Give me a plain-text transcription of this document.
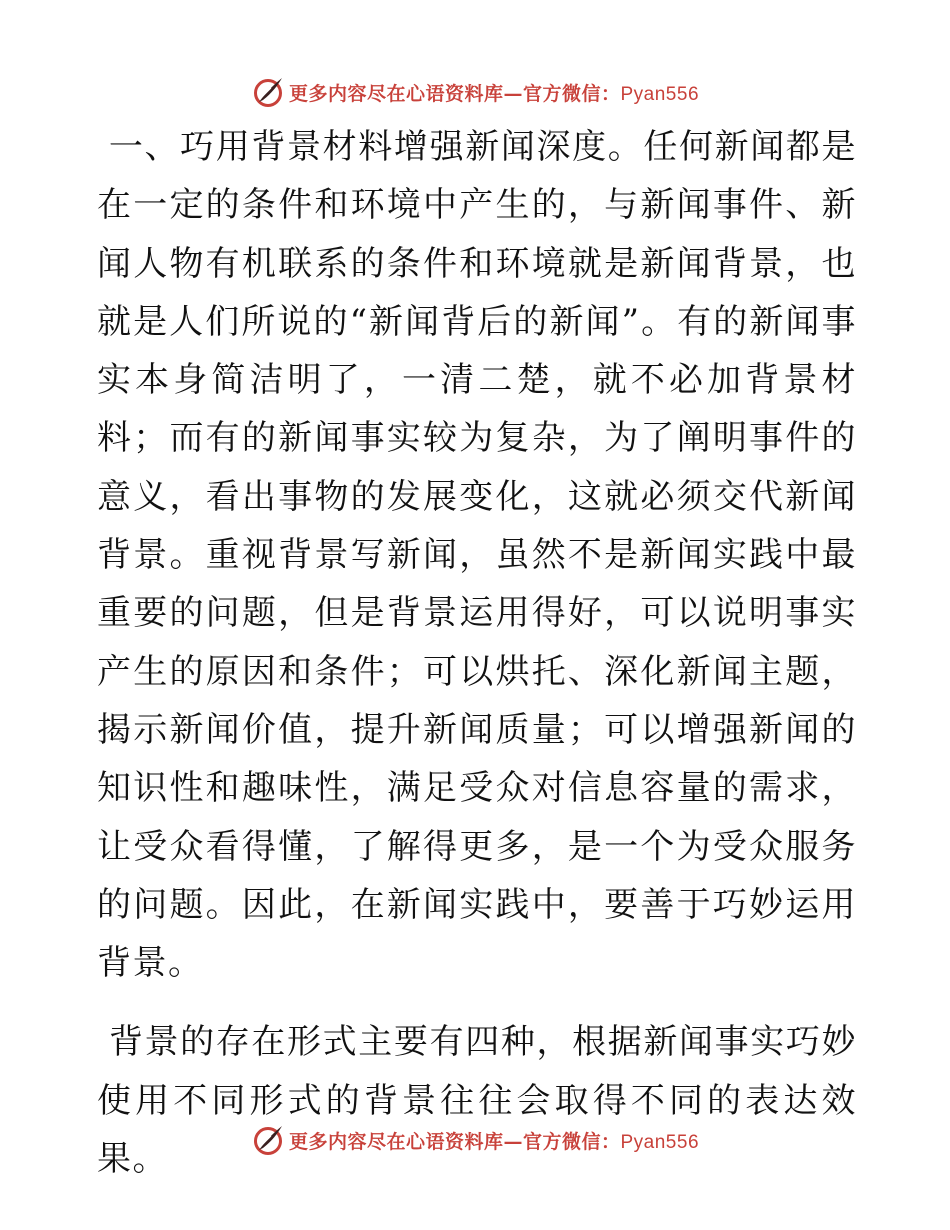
更多内容尽在心语资料库—官方微信：Pyan556

一、巧用背景材料增强新闻深度。任何新闻都是在一定的条件和环境中产生的，与新闻事件、新闻人物有机联系的条件和环境就是新闻背景，也就是人们所说的“新闻背后的新闻”。有的新闻事实本身简洁明了，一清二楚，就不必加背景材料；而有的新闻事实较为复杂，为了阐明事件的意义，看出事物的发展变化，这就必须交代新闻背景。重视背景写新闻，虽然不是新闻实践中最重要的问题，但是背景运用得好，可以说明事实产生的原因和条件；可以烘托、深化新闻主题，揭示新闻价值，提升新闻质量；可以增强新闻的知识性和趣味性，满足受众对信息容量的需求，让受众看得懂，了解得更多，是一个为受众服务的问题。因此，在新闻实践中，要善于巧妙运用背景。

背景的存在形式主要有四种，根据新闻事实巧妙使用不同形式的背景往往会取得不同的表达效果。	更多内容尽在心语资料库—官方微信：Pyan556
